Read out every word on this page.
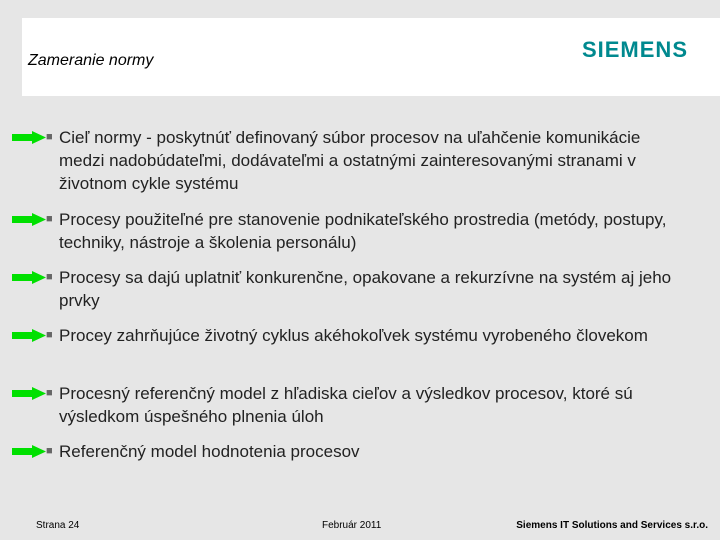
Zameranie normy	SIEMENS
■ Cieľ normy - poskytnúť definovaný súbor procesov na uľahčenie komunikácie medzi nadobúdateľmi, dodávateľmi a ostatnými zainteresovanými stranami v životnom cykle systému
■ Procesy použiteľné pre stanovenie podnikateľského prostredia (metódy, postupy, techniky, nástroje a školenia personálu)
■ Procesy sa dajú uplatniť konkurenčne, opakovane a rekurzívne na systém aj jeho prvky
■ Procey zahrňujúce životný cyklus akéhokoľvek systému vyrobeného človekom
■ Procesný referenčný model z hľadiska cieľov a výsledkov procesov, ktoré sú výsledkom úspešného plnenia úloh
■ Referenčný model hodnotenia procesov
Strana 24	Február 2011	Siemens IT Solutions and Services s.r.o.
